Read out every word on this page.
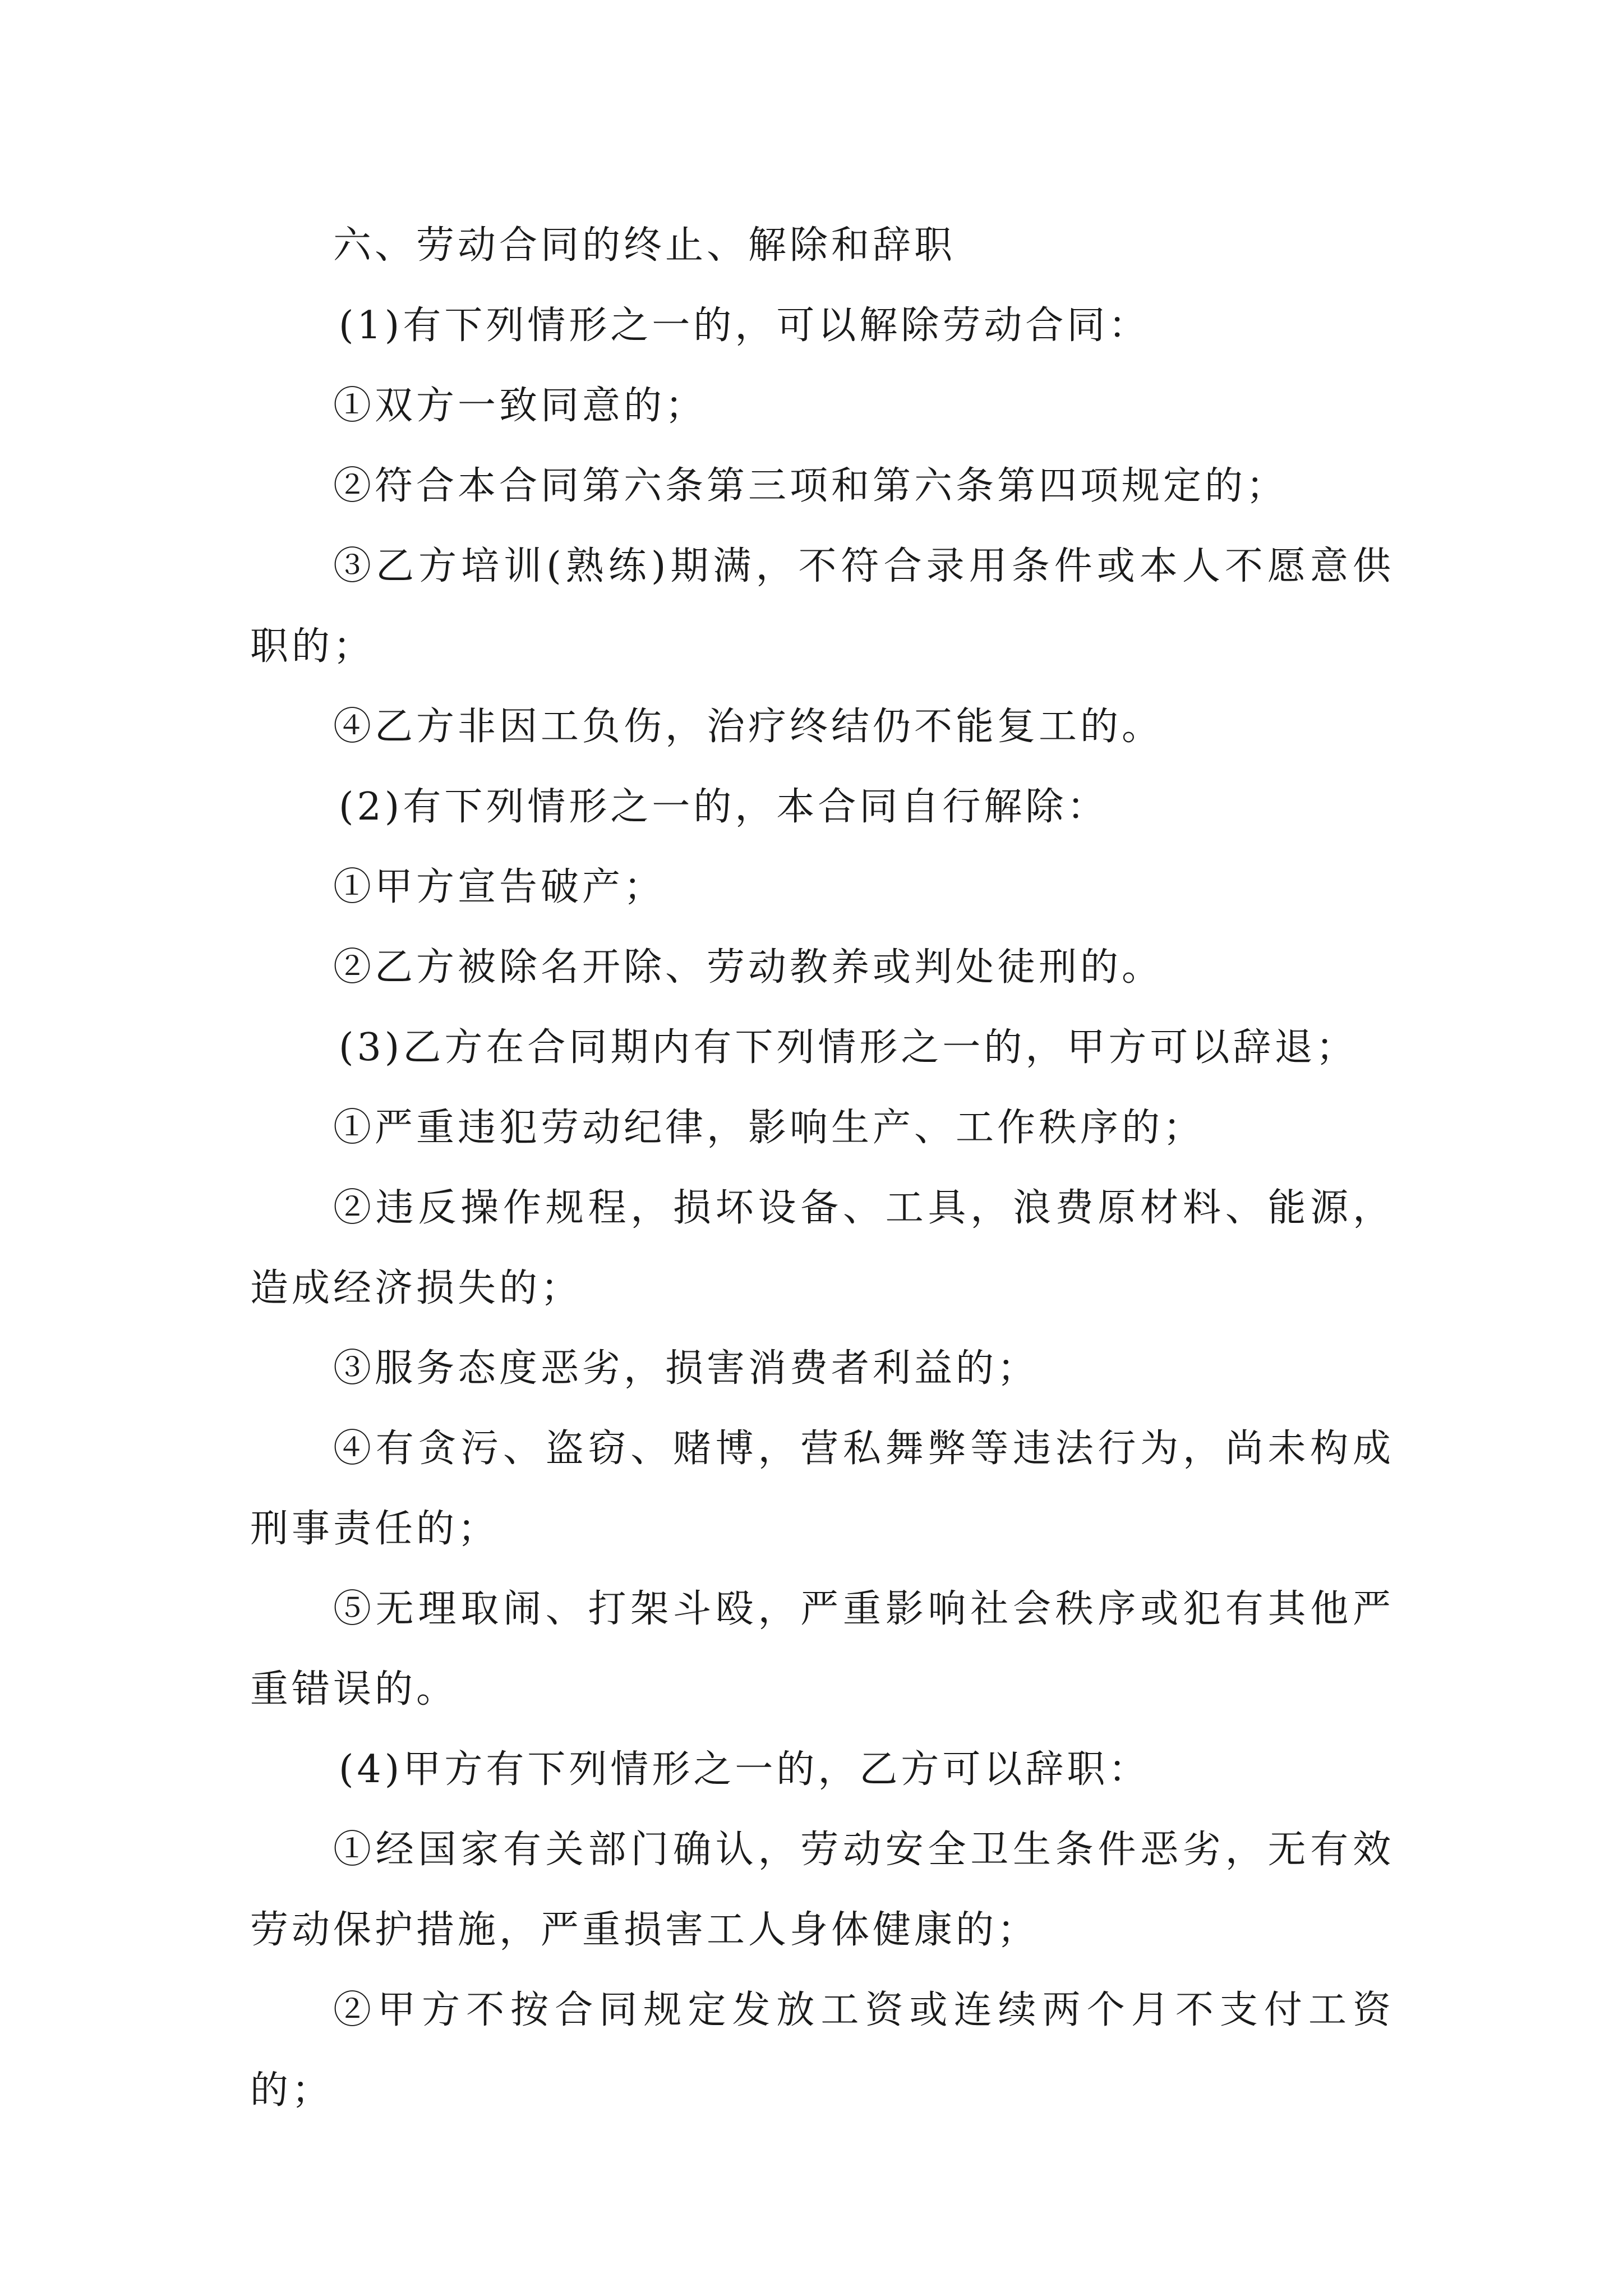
六、劳动合同的终止、解除和辞职

(1)有下列情形之一的，可以解除劳动合同：

①双方一致同意的；

②符合本合同第六条第三项和第六条第四项规定的；

③乙方培训(熟练)期满，不符合录用条件或本人不愿意供职的；

④乙方非因工负伤，治疗终结仍不能复工的。

(2)有下列情形之一的，本合同自行解除：

①甲方宣告破产；

②乙方被除名开除、劳动教养或判处徒刑的。

(3)乙方在合同期内有下列情形之一的，甲方可以辞退；

①严重违犯劳动纪律，影响生产、工作秩序的；

②违反操作规程，损坏设备、工具，浪费原材料、能源，造成经济损失的；

③服务态度恶劣，损害消费者利益的；

④有贪污、盗窃、赌博，营私舞弊等违法行为，尚未构成刑事责任的；

⑤无理取闹、打架斗殴，严重影响社会秩序或犯有其他严重错误的。

(4)甲方有下列情形之一的，乙方可以辞职：

①经国家有关部门确认，劳动安全卫生条件恶劣，无有效劳动保护措施，严重损害工人身体健康的；

②甲方不按合同规定发放工资或连续两个月不支付工资的；
